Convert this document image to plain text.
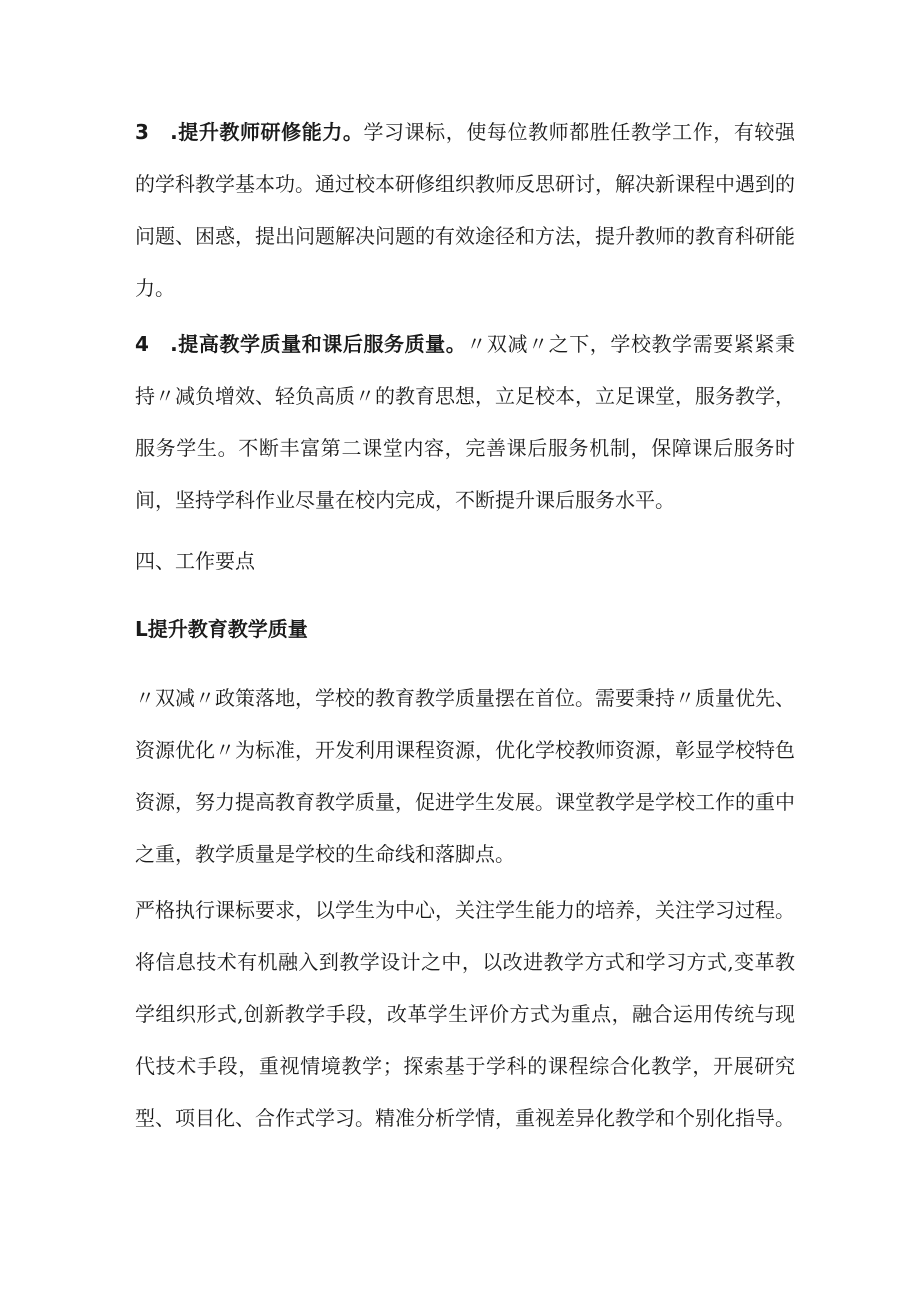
3　.提升教师研修能力。学习课标，使每位教师都胜任教学工作，有较强的学科教学基本功。通过校本研修组织教师反思研讨，解决新课程中遇到的问题、困惑，提出问题解决问题的有效途径和方法，提升教师的教育科研能力。

4　.提高教学质量和课后服务质量。〃双减〃之下，学校教学需要紧紧秉持〃减负增效、轻负高质〃的教育思想，立足校本，立足课堂，服务教学，服务学生。不断丰富第二课堂内容，完善课后服务机制，保障课后服务时间，坚持学科作业尽量在校内完成，不断提升课后服务水平。

四、工作要点

L提升教育教学质量

〃双减〃政策落地，学校的教育教学质量摆在首位。需要秉持〃质量优先、资源优化〃为标准，开发利用课程资源，优化学校教师资源，彰显学校特色资源，努力提高教育教学质量，促进学生发展。课堂教学是学校工作的重中之重，教学质量是学校的生命线和落脚点。

严格执行课标要求，以学生为中心，关注学生能力的培养，关注学习过程。将信息技术有机融入到教学设计之中，以改进教学方式和学习方式,变革教学组织形式,创新教学手段，改革学生评价方式为重点，融合运用传统与现代技术手段，重视情境教学；探索基于学科的课程综合化教学，开展研究型、项目化、合作式学习。精准分析学情，重视差异化教学和个别化指导。
